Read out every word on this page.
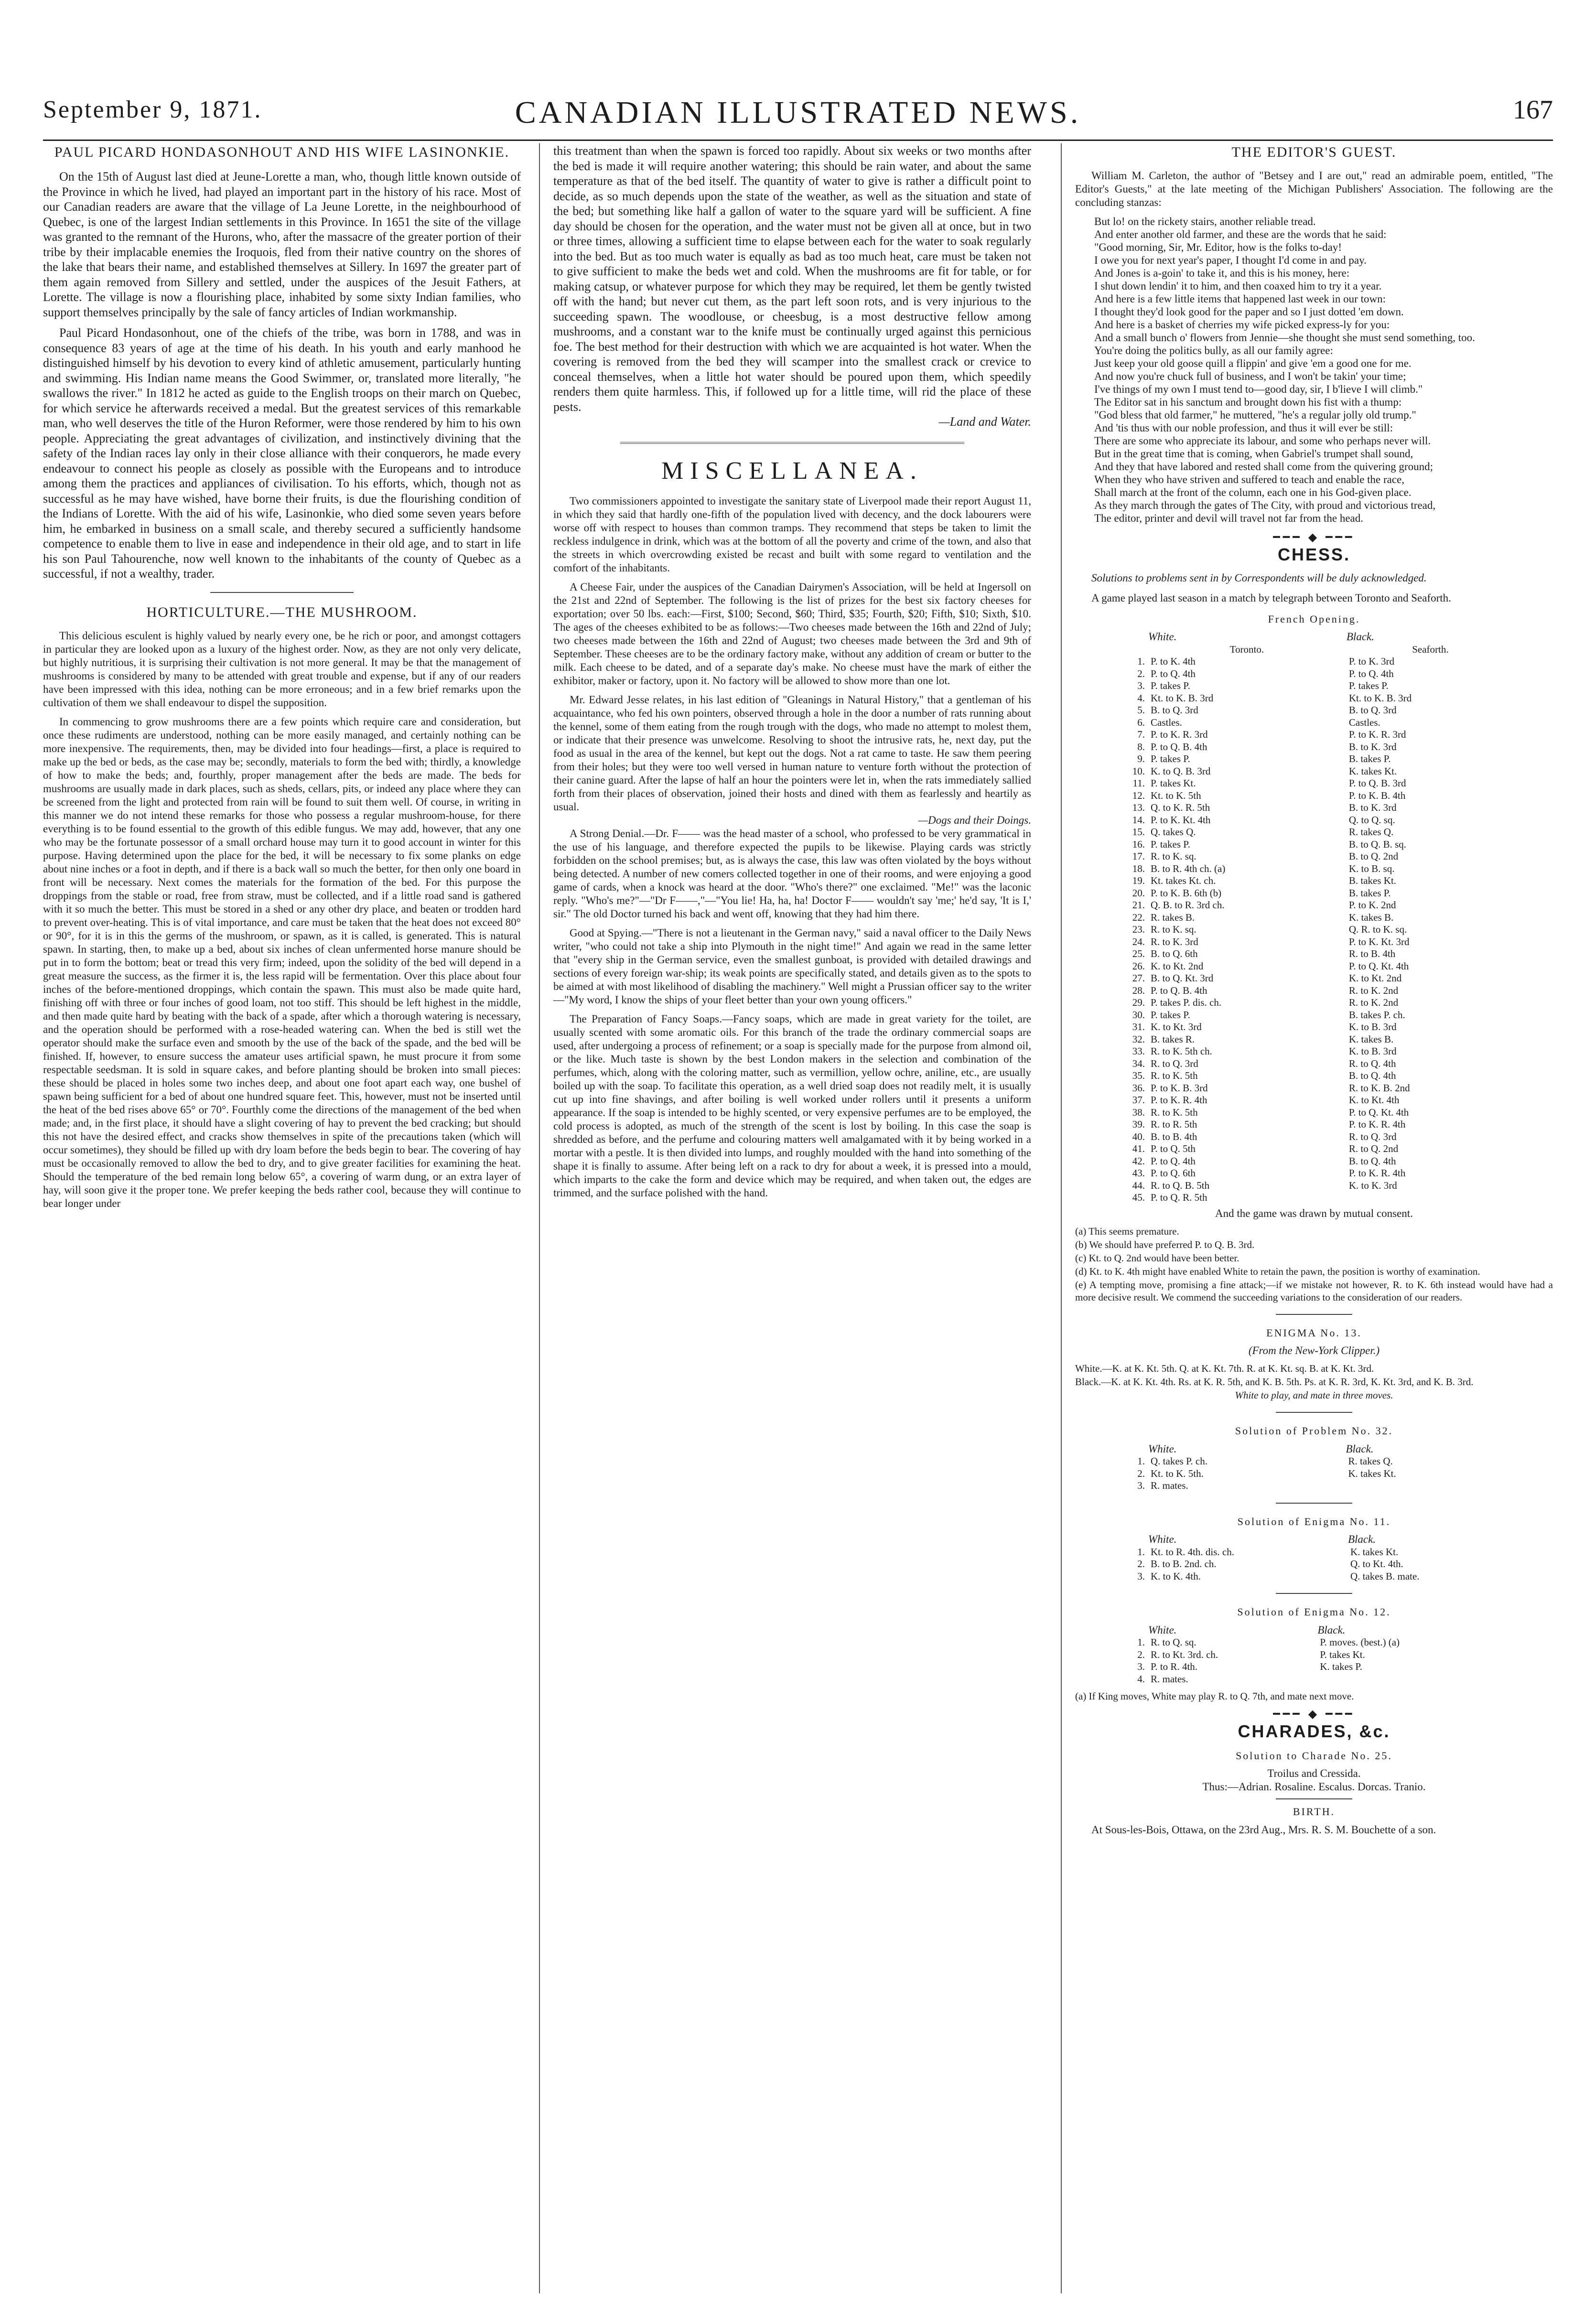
September 9, 1871.	CANADIAN ILLUSTRATED NEWS.	167
PAUL PICARD HONDASONHOUT AND HIS WIFE LASINONKIE.

On the 15th of August last died at Jeune-Lorette a man, who, though little known outside of the Province in which he lived, had played an important part in the history of his race. Most of our Canadian readers are aware that the village of La Jeune Lorette, in the neighbourhood of Quebec, is one of the largest Indian settlements in this Province. In 1651 the site of the village was granted to the remnant of the Hurons, who, after the massacre of the greater portion of their tribe by their implacable enemies the Iroquois, fled from their native country on the shores of the lake that bears their name, and established themselves at Sillery. In 1697 the greater part of them again removed from Sillery and settled, under the auspices of the Jesuit Fathers, at Lorette. The village is now a flourishing place, inhabited by some sixty Indian families, who support themselves principally by the sale of fancy articles of Indian workmanship.

Paul Picard Hondasonhout, one of the chiefs of the tribe, was born in 1788, and was in consequence 83 years of age at the time of his death. In his youth and early manhood he distinguished himself by his devotion to every kind of athletic amusement, particularly hunting and swimming. His Indian name means the Good Swimmer, or, translated more literally, "he swallows the river." In 1812 he acted as guide to the English troops on their march on Quebec, for which service he afterwards received a medal. But the greatest services of this remarkable man, who well deserves the title of the Huron Reformer, were those rendered by him to his own people. Appreciating the great advantages of civilization, and instinctively divining that the safety of the Indian races lay only in their close alliance with their conquerors, he made every endeavour to connect his people as closely as possible with the Europeans and to introduce among them the practices and appliances of civilisation. To his efforts, which, though not as successful as he may have wished, have borne their fruits, is due the flourishing condition of the Indians of Lorette. With the aid of his wife, Lasinonkie, who died some seven years before him, he embarked in business on a small scale, and thereby secured a sufficiently handsome competence to enable them to live in ease and independence in their old age, and to start in life his son Paul Tahourenche, now well known to the inhabitants of the county of Quebec as a successful, if not a wealthy, trader.

HORTICULTURE.—THE MUSHROOM.

This delicious esculent is highly valued by nearly every one, be he rich or poor, and amongst cottagers in particular they are looked upon as a luxury of the highest order. Now, as they are not only very delicate, but highly nutritious, it is surprising their cultivation is not more general. It may be that the management of mushrooms is considered by many to be attended with great trouble and expense, but if any of our readers have been impressed with this idea, nothing can be more erroneous; and in a few brief remarks upon the cultivation of them we shall endeavour to dispel the supposition.

In commencing to grow mushrooms there are a few points which require care and consideration, but once these rudiments are understood, nothing can be more easily managed, and certainly nothing can be more inexpensive. The requirements, then, may be divided into four headings—first, a place is required to make up the bed or beds, as the case may be; secondly, materials to form the bed with; thirdly, a knowledge of how to make the beds; and, fourthly, proper management after the beds are made. The beds for mushrooms are usually made in dark places, such as sheds, cellars, pits, or indeed any place where they can be screened from the light and protected from rain will be found to suit them well. Of course, in writing in this manner we do not intend these remarks for those who possess a regular mushroom-house, for there everything is to be found essential to the growth of this edible fungus. We may add, however, that any one who may be the fortunate possessor of a small orchard house may turn it to good account in winter for this purpose. Having determined upon the place for the bed, it will be necessary to fix some planks on edge about nine inches or a foot in depth, and if there is a back wall so much the better, for then only one board in front will be necessary. Next comes the materials for the formation of the bed. For this purpose the droppings from the stable or road, free from straw, must be collected, and if a little road sand is gathered with it so much the better. This must be stored in a shed or any other dry place, and beaten or trodden hard to prevent over-heating. This is of vital importance, and care must be taken that the heat does not exceed 80° or 90°, for it is in this the germs of the mushroom, or spawn, as it is called, is generated. This is natural spawn. In starting, then, to make up a bed, about six inches of clean unfermented horse manure should be put in to form the bottom; beat or tread this very firm; indeed, upon the solidity of the bed will depend in a great measure the success, as the firmer it is, the less rapid will be fermentation. Over this place about four inches of the before-mentioned droppings, which contain the spawn. This must also be made quite hard, finishing off with three or four inches of good loam, not too stiff. This should be left highest in the middle, and then made quite hard by beating with the back of a spade, after which a thorough watering is necessary, and the operation should be performed with a rose-headed watering can. When the bed is still wet the operator should make the surface even and smooth by the use of the back of the spade, and the bed will be finished. If, however, to ensure success the amateur uses artificial spawn, he must procure it from some respectable seedsman. It is sold in square cakes, and before planting should be broken into small pieces: these should be placed in holes some two inches deep, and about one foot apart each way, one bushel of spawn being sufficient for a bed of about one hundred square feet. This, however, must not be inserted until the heat of the bed rises above 65° or 70°. Fourthly come the directions of the management of the bed when made; and, in the first place, it should have a slight covering of hay to prevent the bed cracking; but should this not have the desired effect, and cracks show themselves in spite of the precautions taken (which will occur sometimes), they should be filled up with dry loam before the beds begin to bear. The covering of hay must be occasionally removed to allow the bed to dry, and to give greater facilities for examining the heat. Should the temperature of the bed remain long below 65°, a covering of warm dung, or an extra layer of hay, will soon give it the proper tone. We prefer keeping the beds rather cool, because they will continue to bear longer under

this treatment than when the spawn is forced too rapidly. About six weeks or two months after the bed is made it will require another watering; this should be rain water, and about the same temperature as that of the bed itself. The quantity of water to give is rather a difficult point to decide, as so much depends upon the state of the weather, as well as the situation and state of the bed; but something like half a gallon of water to the square yard will be sufficient. A fine day should be chosen for the operation, and the water must not be given all at once, but in two or three times, allowing a sufficient time to elapse between each for the water to soak regularly into the bed. But as too much water is equally as bad as too much heat, care must be taken not to give sufficient to make the beds wet and cold. When the mushrooms are fit for table, or for making catsup, or whatever purpose for which they may be required, let them be gently twisted off with the hand; but never cut them, as the part left soon rots, and is very injurious to the succeeding spawn. The woodlouse, or cheesbug, is a most destructive fellow among mushrooms, and a constant war to the knife must be continually urged against this pernicious foe. The best method for their destruction with which we are acquainted is hot water. When the covering is removed from the bed they will scamper into the smallest crack or crevice to conceal themselves, when a little hot water should be poured upon them, which speedily renders them quite harmless. This, if followed up for a little time, will rid the place of these pests.

—Land and Water.
MISCELLANEA.

Two commissioners appointed to investigate the sanitary state of Liverpool made their report August 11, in which they said that hardly one-fifth of the population lived with decency, and the dock labourers were worse off with respect to houses than common tramps. They recommend that steps be taken to limit the reckless indulgence in drink, which was at the bottom of all the poverty and crime of the town, and also that the streets in which overcrowding existed be recast and built with some regard to ventilation and the comfort of the inhabitants.

A Cheese Fair, under the auspices of the Canadian Dairymen's Association, will be held at Ingersoll on the 21st and 22nd of September. The following is the list of prizes for the best six factory cheeses for exportation; over 50 lbs. each:—First, $100; Second, $60; Third, $35; Fourth, $20; Fifth, $10; Sixth, $10. The ages of the cheeses exhibited to be as follows:—Two cheeses made between the 16th and 22nd of July; two cheeses made between the 16th and 22nd of August; two cheeses made between the 3rd and 9th of September. These cheeses are to be the ordinary factory make, without any addition of cream or butter to the milk. Each cheese to be dated, and of a separate day's make. No cheese must have the mark of either the exhibitor, maker or factory, upon it. No factory will be allowed to show more than one lot.

Mr. Edward Jesse relates, in his last edition of "Gleanings in Natural History," that a gentleman of his acquaintance, who fed his own pointers, observed through a hole in the door a number of rats running about the kennel, some of them eating from the rough trough with the dogs, who made no attempt to molest them, or indicate that their presence was unwelcome. Resolving to shoot the intrusive rats, he, next day, put the food as usual in the area of the kennel, but kept out the dogs. Not a rat came to taste. He saw them peering from their holes; but they were too well versed in human nature to venture forth without the protection of their canine guard. After the lapse of half an hour the pointers were let in, when the rats immediately sallied forth from their places of observation, joined their hosts and dined with them as fearlessly and heartily as usual.

—Dogs and their Doings.

A Strong Denial.—Dr. F—— was the head master of a school, who professed to be very grammatical in the use of his language, and therefore expected the pupils to be likewise. Playing cards was strictly forbidden on the school premises; but, as is always the case, this law was often violated by the boys without being detected. A number of new comers collected together in one of their rooms, and were enjoying a good game of cards, when a knock was heard at the door. "Who's there?" one exclaimed. "Me!" was the laconic reply. "Who's me?"—"Dr F——,"—"You lie! Ha, ha, ha! Doctor F—— wouldn't say 'me;' he'd say, 'It is I,' sir." The old Doctor turned his back and went off, knowing that they had him there.

Good at Spying.—"There is not a lieutenant in the German navy," said a naval officer to the Daily News writer, "who could not take a ship into Plymouth in the night time!" And again we read in the same letter that "every ship in the German service, even the smallest gunboat, is provided with detailed drawings and sections of every foreign war-ship; its weak points are specifically stated, and details given as to the spots to be aimed at with most likelihood of disabling the machinery." Well might a Prussian officer say to the writer—"My word, I know the ships of your fleet better than your own young officers."

The Preparation of Fancy Soaps.—Fancy soaps, which are made in great variety for the toilet, are usually scented with some aromatic oils. For this branch of the trade the ordinary commercial soaps are used, after undergoing a process of refinement; or a soap is specially made for the purpose from almond oil, or the like. Much taste is shown by the best London makers in the selection and combination of the perfumes, which, along with the coloring matter, such as vermillion, yellow ochre, aniline, etc., are usually boiled up with the soap. To facilitate this operation, as a well dried soap does not readily melt, it is usually cut up into fine shavings, and after boiling is well worked under rollers until it presents a uniform appearance. If the soap is intended to be highly scented, or very expensive perfumes are to be employed, the cold process is adopted, as much of the strength of the scent is lost by boiling. In this case the soap is shredded as before, and the perfume and colouring matters well amalgamated with it by being worked in a mortar with a pestle. It is then divided into lumps, and roughly moulded with the hand into something of the shape it is finally to assume. After being left on a rack to dry for about a week, it is pressed into a mould, which imparts to the cake the form and device which may be required, and when taken out, the edges are trimmed, and the surface polished with the hand.

THE EDITOR'S GUEST.

William M. Carleton, the author of "Betsey and I are out," read an admirable poem, entitled, "The Editor's Guests," at the late meeting of the Michigan Publishers' Association. The following are the concluding stanzas:

But lo! on the rickety stairs, another reliable tread.
And enter another old farmer, and these are the words that he said:
"Good morning, Sir, Mr. Editor, how is the folks to-day!
I owe you for next year's paper, I thought I'd come in and pay.
And Jones is a-goin' to take it, and this is his money, here:
I shut down lendin' it to him, and then coaxed him to try it a year.
And here is a few little items that happened last week in our town:
I thought they'd look good for the paper and so I just dotted 'em down.
And here is a basket of cherries my wife picked express-ly for you:
And a small bunch o' flowers from Jennie—she thought she must send something, too.
You're doing the politics bully, as all our family agree:
Just keep your old goose quill a flippin' and give 'em a good one for me.
And now you're chuck full of business, and I won't be takin' your time;
I've things of my own I must tend to—good day, sir, I b'lieve I will climb."
The Editor sat in his sanctum and brought down his fist with a thump:
"God bless that old farmer," he muttered, "he's a regular jolly old trump."
And 'tis thus with our noble profession, and thus it will ever be still:
There are some who appreciate its labour, and some who perhaps never will.
But in the great time that is coming, when Gabriel's trumpet shall sound,
And they that have labored and rested shall come from the quivering ground;
When they who have striven and suffered to teach and enable the race,
Shall march at the front of the column, each one in his God-given place.
As they march through the gates of The City, with proud and victorious tread,
The editor, printer and devil will travel not far from the head.
━━━ ◆ ━━━
CHESS.

Solutions to problems sent in by Correspondents will be duly acknowledged.

A game played last season in a match by telegraph between Toronto and Seaforth.

French Opening.
	White.	Black.
	Toronto.	Seaforth.
1.	P. to K. 4th	P. to K. 3rd
2.	P. to Q. 4th	P. to Q. 4th
3.	P. takes P.	P. takes P.
4.	Kt. to K. B. 3rd	Kt. to K. B. 3rd
5.	B. to Q. 3rd	B. to Q. 3rd
6.	Castles.	Castles.
7.	P. to K. R. 3rd	P. to K. R. 3rd
8.	P. to Q. B. 4th	B. to K. 3rd
9.	P. takes P.	B. takes P.
10.	K. to Q. B. 3rd	K. takes Kt.
11.	P. takes Kt.	P. to Q. B. 3rd
12.	Kt. to K. 5th	P. to K. B. 4th
13.	Q. to K. R. 5th	B. to K. 3rd
14.	P. to K. Kt. 4th	Q. to Q. sq.
15.	Q. takes Q.	R. takes Q.
16.	P. takes P.	B. to Q. B. sq.
17.	R. to K. sq.	B. to Q. 2nd
18.	B. to R. 4th ch. (a)	K. to B. sq.
19.	Kt. takes Kt. ch.	B. takes Kt.
20.	P. to K. B. 6th (b)	B. takes P.
21.	Q. B. to R. 3rd ch.	P. to K. 2nd
22.	R. takes B.	K. takes B.
23.	R. to K. sq.	Q. R. to K. sq.
24.	R. to K. 3rd	P. to K. Kt. 3rd
25.	B. to Q. 6th	R. to B. 4th
26.	K. to Kt. 2nd	P. to Q. Kt. 4th
27.	B. to Q. Kt. 3rd	K. to Kt. 2nd
28.	P. to Q. B. 4th	R. to K. 2nd
29.	P. takes P. dis. ch.	R. to K. 2nd
30.	P. takes P.	B. takes P. ch.
31.	K. to Kt. 3rd	K. to B. 3rd
32.	B. takes R.	K. takes B.
33.	R. to K. 5th ch.	K. to B. 3rd
34.	R. to Q. 3rd	R. to Q. 4th
35.	R. to K. 5th	B. to Q. 4th
36.	P. to K. B. 3rd	R. to K. B. 2nd
37.	P. to K. R. 4th	K. to Kt. 4th
38.	R. to K. 5th	P. to Q. Kt. 4th
39.	R. to R. 5th	P. to K. R. 4th
40.	B. to B. 4th	R. to Q. 3rd
41.	P. to Q. 5th	R. to Q. 2nd
42.	P. to Q. 4th	B. to Q. 4th
43.	P. to Q. 6th	P. to K. R. 4th
44.	R. to Q. B. 5th	K. to K. 3rd
45.	P. to Q. R. 5th	
And the game was drawn by mutual consent.
(a) This seems premature.
(b) We should have preferred P. to Q. B. 3rd.
(c) Kt. to Q. 2nd would have been better.
(d) Kt. to K. 4th might have enabled White to retain the pawn, the position is worthy of examination.
(e) A tempting move, promising a fine attack;—if we mistake not however, R. to K. 6th instead would have had a more decisive result. We commend the succeeding variations to the consideration of our readers.
ENIGMA No. 13.
(From the New-York Clipper.)
White.—K. at K. Kt. 5th. Q. at K. Kt. 7th. R. at K. Kt. sq. B. at K. Kt. 3rd.
Black.—K. at K. Kt. 4th. Rs. at K. R. 5th, and K. B. 5th. Ps. at K. R. 3rd, K. Kt. 3rd, and K. B. 3rd.
White to play, and mate in three moves.
Solution of Problem No. 32.
	White.	Black.
1.	Q. takes P. ch.	R. takes Q.
2.	Kt. to K. 5th.	K. takes Kt.
3.	R. mates.	
Solution of Enigma No. 11.
	White.	Black.
1.	Kt. to R. 4th. dis. ch.	K. takes Kt.
2.	B. to B. 2nd. ch.	Q. to Kt. 4th.
3.	K. to K. 4th.	Q. takes B. mate.
Solution of Enigma No. 12.
	White.	Black.
1.	R. to Q. sq.	P. moves. (best.) (a)
2.	R. to Kt. 3rd. ch.	P. takes Kt.
3.	P. to R. 4th.	K. takes P.
4.	R. mates.	
(a) If King moves, White may play R. to Q. 7th, and mate next move.
━━━ ◆ ━━━
CHARADES, &c.
Solution to Charade No. 25.
Troilus and Cressida.
Thus:—Adrian. Rosaline. Escalus. Dorcas. Tranio.
BIRTH.

At Sous-les-Bois, Ottawa, on the 23rd Aug., Mrs. R. S. M. Bouchette of a son.
